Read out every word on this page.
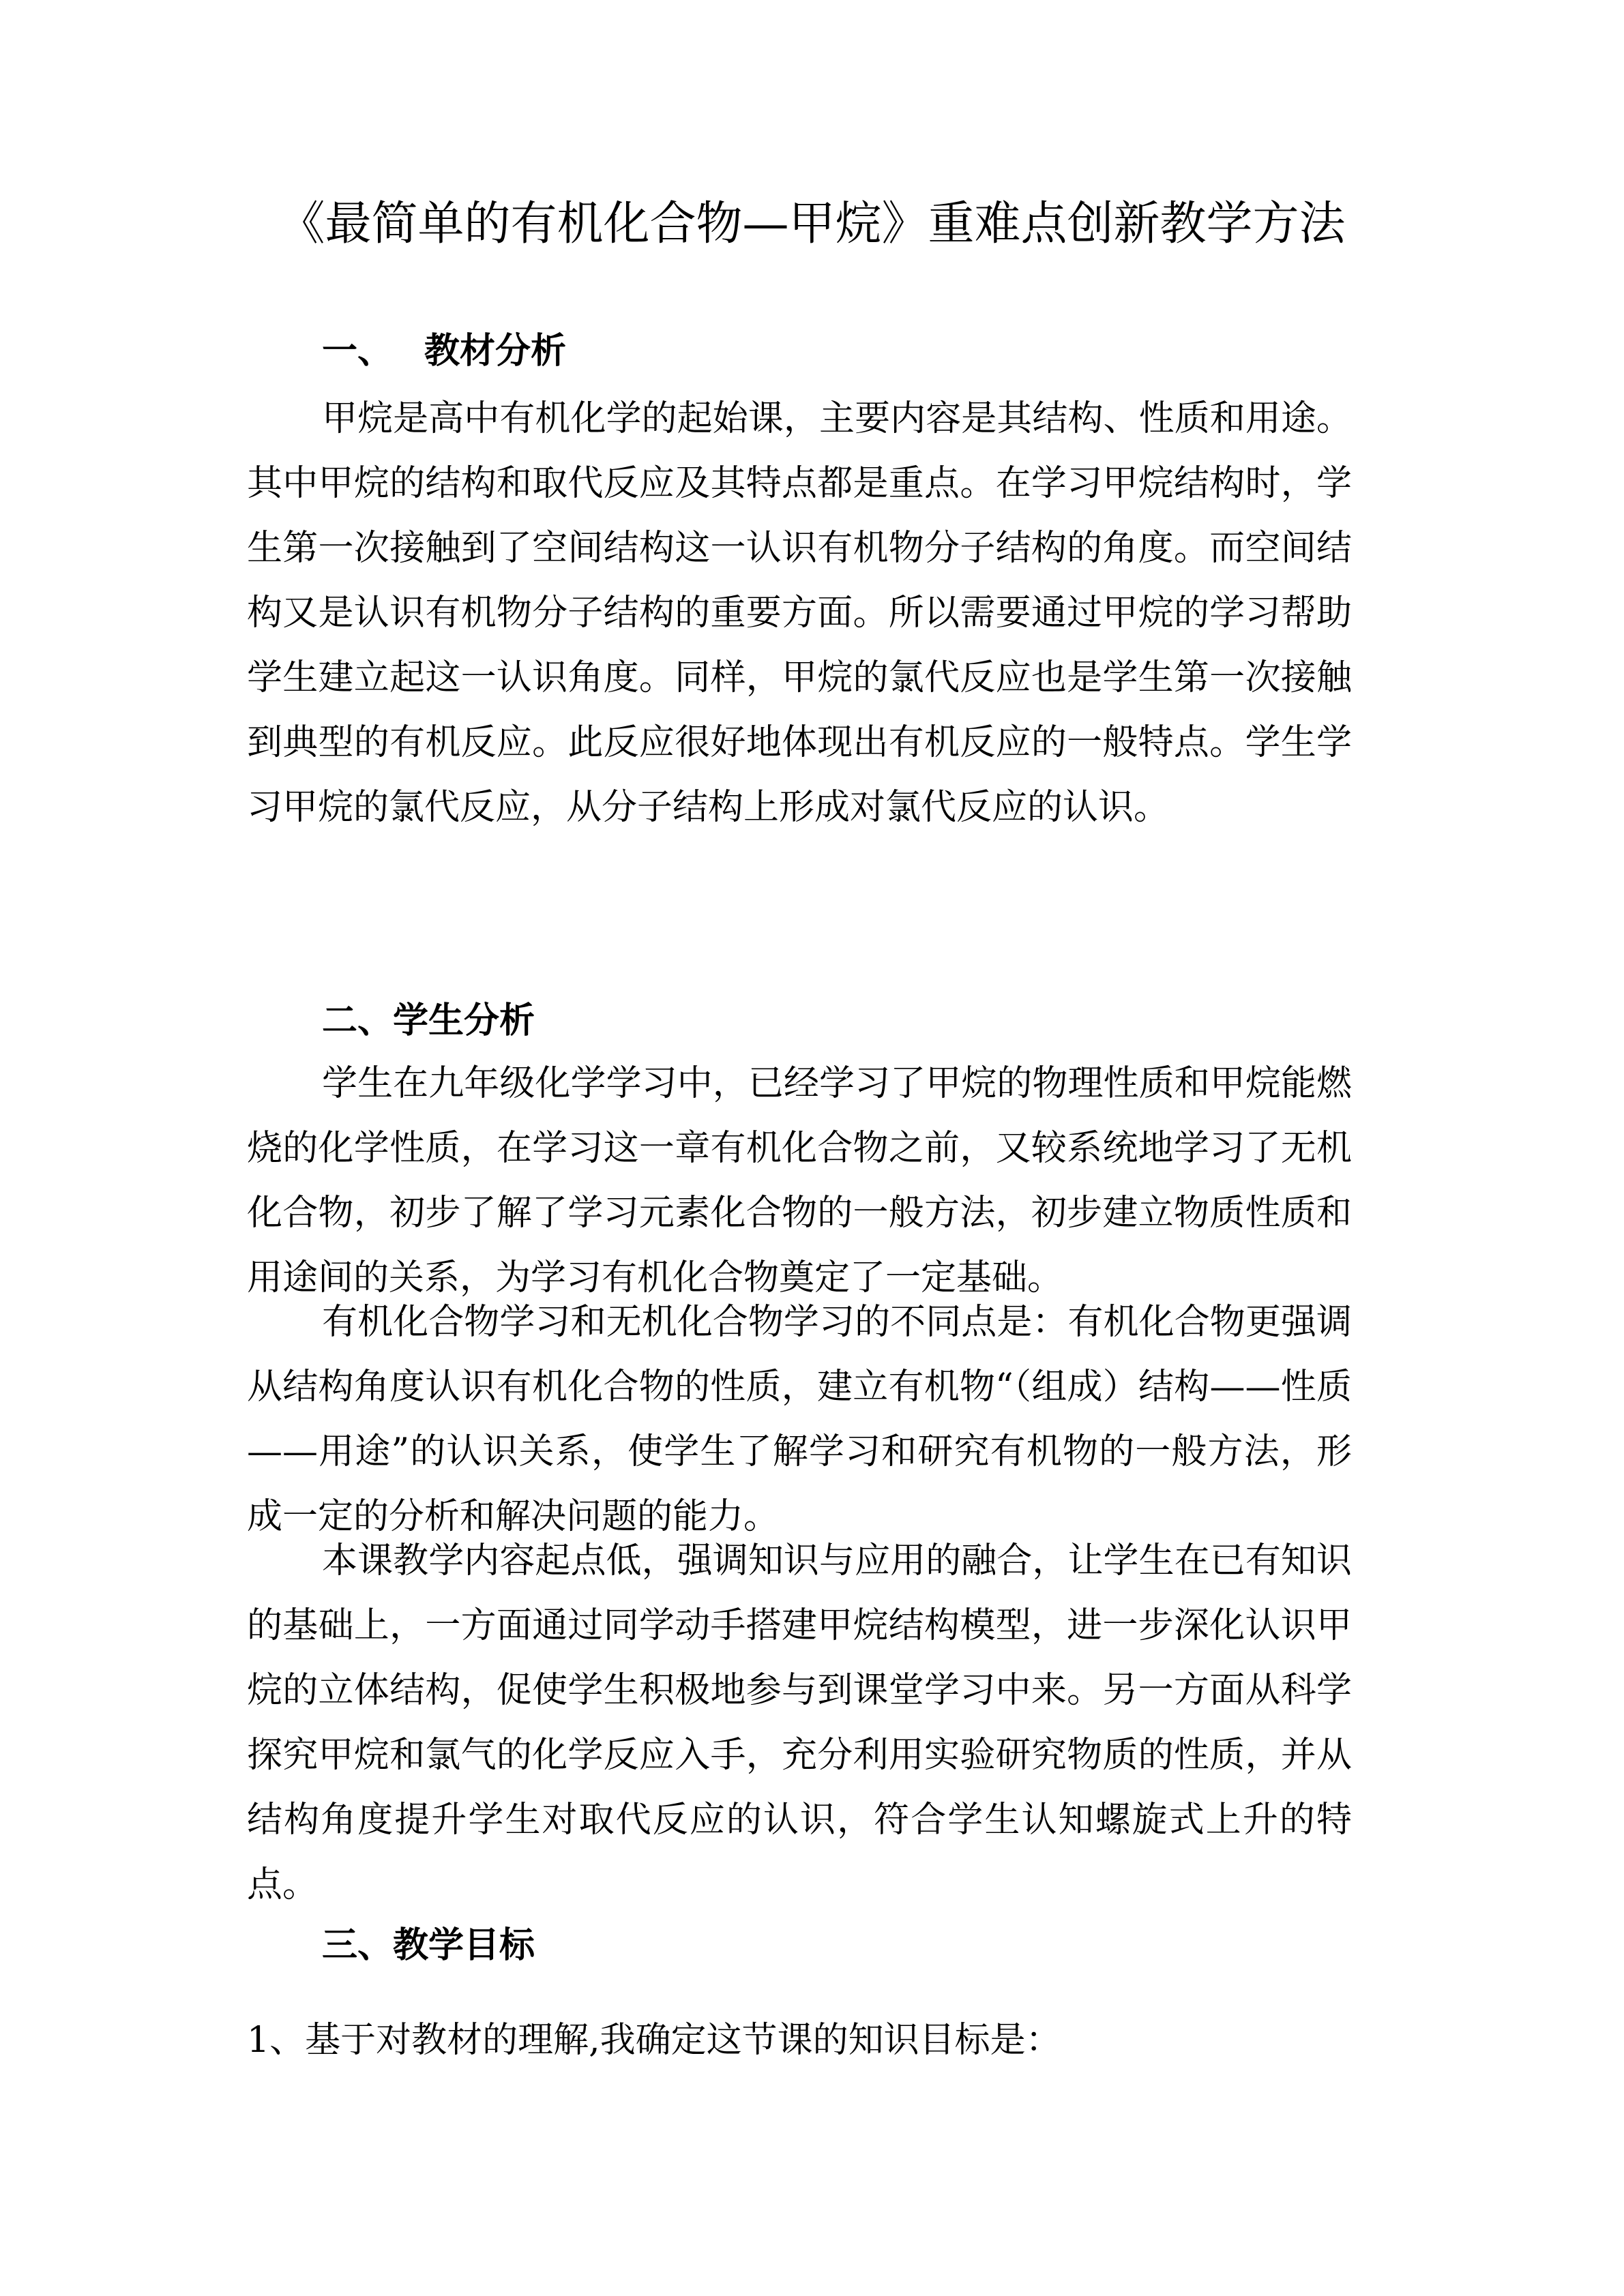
《最简单的有机化合物—甲烷》重难点创新教学方法
一、 教材分析

甲烷是高中有机化学的起始课，主要内容是其结构、性质和用途。其中甲烷的结构和取代反应及其特点都是重点。在学习甲烷结构时，学生第一次接触到了空间结构这一认识有机物分子结构的角度。而空间结构又是认识有机物分子结构的重要方面。所以需要通过甲烷的学习帮助学生建立起这一认识角度。同样，甲烷的氯代反应也是学生第一次接触到典型的有机反应。此反应很好地体现出有机反应的一般特点。学生学习甲烷的氯代反应，从分子结构上形成对氯代反应的认识。

二、学生分析

学生在九年级化学学习中，已经学习了甲烷的物理性质和甲烷能燃烧的化学性质，在学习这一章有机化合物之前，又较系统地学习了无机化合物，初步了解了学习元素化合物的一般方法，初步建立物质性质和用途间的关系，为学习有机化合物奠定了一定基础。

有机化合物学习和无机化合物学习的不同点是：有机化合物更强调从结构角度认识有机化合物的性质，建立有机物“（组成）结构——性质——用途”的认识关系，使学生了解学习和研究有机物的一般方法，形成一定的分析和解决问题的能力。

本课教学内容起点低，强调知识与应用的融合，让学生在已有知识的基础上，一方面通过同学动手搭建甲烷结构模型，进一步深化认识甲烷的立体结构，促使学生积极地参与到课堂学习中来。另一方面从科学探究甲烷和氯气的化学反应入手，充分利用实验研究物质的性质，并从结构角度提升学生对取代反应的认识，符合学生认知螺旋式上升的特点。

三、教学目标
1、基于对教材的理解,我确定这节课的知识目标是：
